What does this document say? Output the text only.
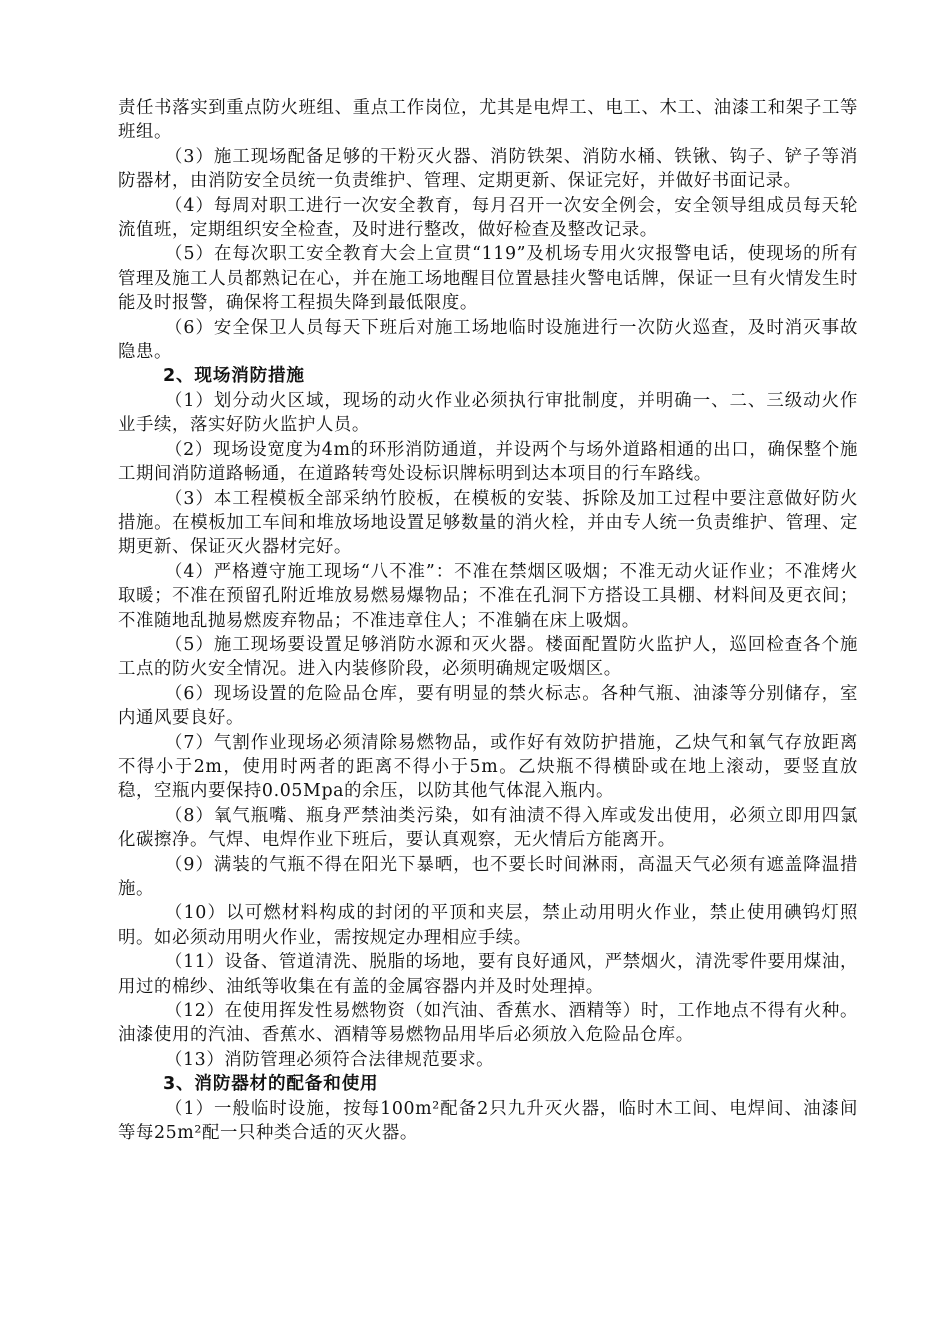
责任书落实到重点防火班组、重点工作岗位，尤其是电焊工、电工、木工、油漆工和架子工等班组。

（3）施工现场配备足够的干粉灭火器、消防铁架、消防水桶、铁锹、钩子、铲子等消防器材，由消防安全员统一负责维护、管理、定期更新、保证完好，并做好书面记录。

（4）每周对职工进行一次安全教育，每月召开一次安全例会，安全领导组成员每天轮流值班，定期组织安全检查，及时进行整改，做好检查及整改记录。

（5）在每次职工安全教育大会上宣贯“119”及机场专用火灾报警电话，使现场的所有管理及施工人员都熟记在心，并在施工场地醒目位置悬挂火警电话牌，保证一旦有火情发生时能及时报警，确保将工程损失降到最低限度。

（6）安全保卫人员每天下班后对施工场地临时设施进行一次防火巡查，及时消灭事故隐患。

2、现场消防措施

（1）划分动火区域，现场的动火作业必须执行审批制度，并明确一、二、三级动火作业手续，落实好防火监护人员。

（2）现场设宽度为4m的环形消防通道，并设两个与场外道路相通的出口，确保整个施工期间消防道路畅通，在道路转弯处设标识牌标明到达本项目的行车路线。

（3）本工程模板全部采纳竹胶板，在模板的安装、拆除及加工过程中要注意做好防火措施。在模板加工车间和堆放场地设置足够数量的消火栓，并由专人统一负责维护、管理、定期更新、保证灭火器材完好。

（4）严格遵守施工现场“八不准”：不准在禁烟区吸烟；不准无动火证作业；不准烤火取暖；不准在预留孔附近堆放易燃易爆物品；不准在孔洞下方搭设工具棚、材料间及更衣间；不准随地乱抛易燃废弃物品；不准违章住人；不准躺在床上吸烟。

（5）施工现场要设置足够消防水源和灭火器。楼面配置防火监护人，巡回检查各个施工点的防火安全情况。进入内装修阶段，必须明确规定吸烟区。

（6）现场设置的危险品仓库，要有明显的禁火标志。各种气瓶、油漆等分别储存，室内通风要良好。

（7）气割作业现场必须清除易燃物品，或作好有效防护措施，乙炔气和氧气存放距离不得小于2m，使用时两者的距离不得小于5m。乙炔瓶不得横卧或在地上滚动，要竖直放稳，空瓶内要保持0.05Mpa的余压，以防其他气体混入瓶内。

（8）氧气瓶嘴、瓶身严禁油类污染，如有油渍不得入库或发出使用，必须立即用四氯化碳擦净。气焊、电焊作业下班后，要认真观察，无火情后方能离开。

（9）满装的气瓶不得在阳光下暴晒，也不要长时间淋雨，高温天气必须有遮盖降温措施。

（10）以可燃材料构成的封闭的平顶和夹层，禁止动用明火作业，禁止使用碘钨灯照明。如必须动用明火作业，需按规定办理相应手续。

（11）设备、管道清洗、脱脂的场地，要有良好通风，严禁烟火，清洗零件要用煤油，用过的棉纱、油纸等收集在有盖的金属容器内并及时处理掉。

（12）在使用挥发性易燃物资（如汽油、香蕉水、酒精等）时，工作地点不得有火种。油漆使用的汽油、香蕉水、酒精等易燃物品用毕后必须放入危险品仓库。

（13）消防管理必须符合法律规范要求。

3、消防器材的配备和使用

（1）一般临时设施，按每100m²配备2只九升灭火器，临时木工间、电焊间、油漆间等每25m²配一只种类合适的灭火器。
